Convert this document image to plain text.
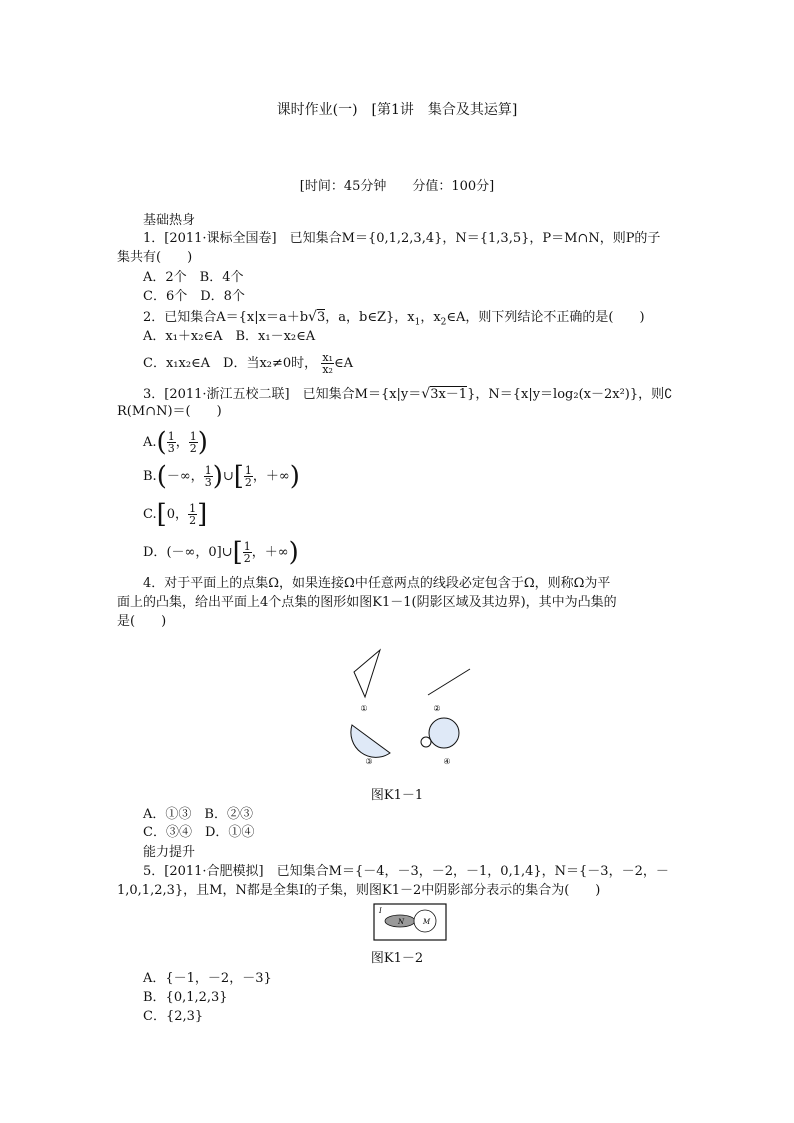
课时作业(一)　[第1讲　集合及其运算]
[时间：45分钟　　分值：100分]
基础热身
1．[2011·课标全国卷]　已知集合M＝{0,1,2,3,4}，N＝{1,3,5}，P＝M∩N，则P的子
集共有(　　)
A．2个　B．4个
C．6个　D．8个
2．已知集合A＝{x|x＝a＋b√3，a，b∈Z}，$x_1$，$x_2\in A$，则下列结论不正确的是(　　)
A．x₁＋x₂∈A　B．x₁－x₂∈A
C．x₁x₂∈A　D．当x₂≠0时， $\frac{\text{x₁}}{\text{x₂}}$ ∈A
3．[2011·浙江五校二联]　已知集合M＝{x|y＝√3x－1}，N＝{x|y＝log₂(x－2x²)}，则∁
R(M∩N)＝(　　)
$A.( \frac{1}{3}$ ， $\frac{1}{2}$ )
B.(－∞， $\frac{1}{3}$ )∪[ $\frac{1}{2}$ ，＋∞)
C.[0， $\frac{1}{2}$ ]
D．(－∞，0]∪[ $\frac{1}{2}$ ，＋∞)
4．对于平面上的点集Ω，如果连接Ω中任意两点的线段必定包含于Ω，则称Ω为平
面上的凸集，给出平面上4个点集的图形如图K1－1(阴影区域及其边界)，其中为凸集的
是(　　)
①	②
③	④
图K1－1
A．①③　B．②③
C．③④　D．①④
能力提升
5．[2011·合肥模拟]　已知集合M＝{－4，－3，－2，－1，0,1,4}，N＝{－3，－2，－
1,0,1,2,3}，且M，N都是全集I的子集，则图K1－2中阴影部分表示的集合为(　　)
I
N	M
图K1－2
A．{－1，－2，－3}
B．{0,1,2,3}
C．{2,3}
